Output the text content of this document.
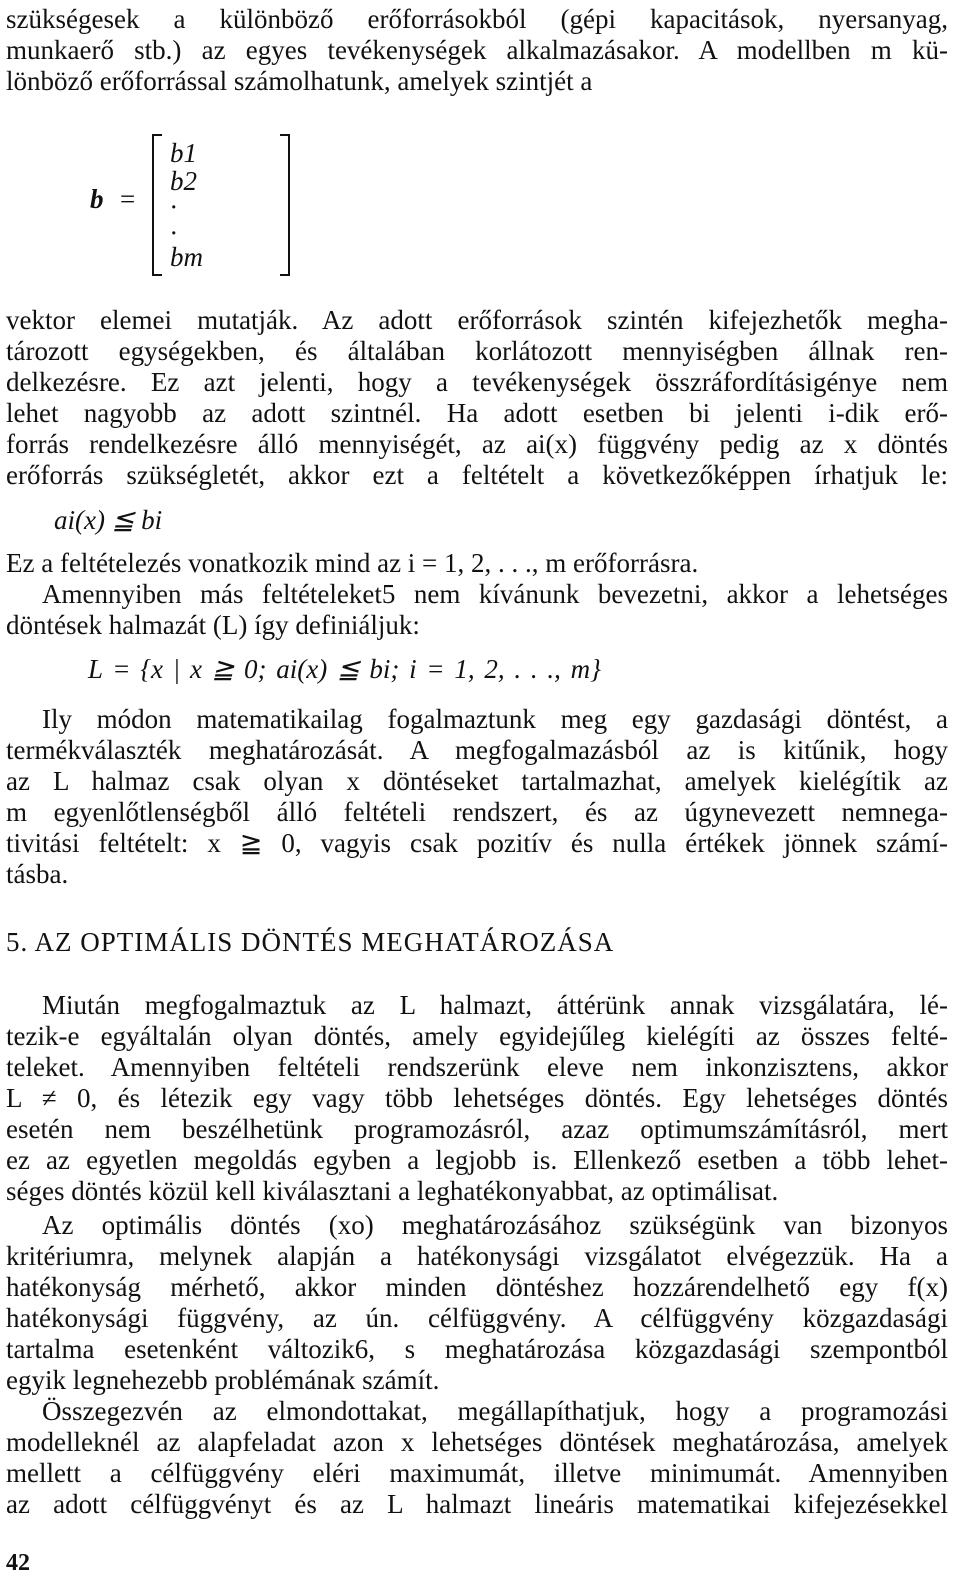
szükségesek a különböző erőforrásokból (gépi kapacitások, nyersanyag,
munkaerő stb.) az egyes tevékenységek alkalmazásakor. A modellben m kü-
lönböző erőforrással számolhatunk, amelyek szintjét a
b =
b1
b2
·
·
bm
vektor elemei mutatják. Az adott erőforrások szintén kifejezhetők megha-
tározott egységekben, és általában korlátozott mennyiségben állnak ren-
delkezésre. Ez azt jelenti, hogy a tevékenységek összráfordításigénye nem
lehet nagyobb az adott szintnél. Ha adott esetben bi jelenti i-dik erő-
forrás rendelkezésre álló mennyiségét, az ai(x) függvény pedig az x döntés
erőforrás szükségletét, akkor ezt a feltételt a következőképpen írhatjuk le:
ai(x) ≦ bi
Ez a feltételezés vonatkozik mind az i = 1, 2, . . ., m erőforrásra.
Amennyiben más feltételeket5 nem kívánunk bevezetni, akkor a lehetséges
döntések halmazát (L) így definiáljuk:
L = {x | x ≧ 0; ai(x) ≦ bi; i = 1, 2, . . ., m}
Ily módon matematikailag fogalmaztunk meg egy gazdasági döntést, a
termékválaszték meghatározását. A megfogalmazásból az is kitűnik, hogy
az L halmaz csak olyan x döntéseket tartalmazhat, amelyek kielégítik az
m egyenlőtlenségből álló feltételi rendszert, és az úgynevezett nemnega-
tivitási feltételt: x ≧ 0, vagyis csak pozitív és nulla értékek jönnek számí-
tásba.
5. AZ OPTIMÁLIS DÖNTÉS MEGHATÁROZÁSA
Miután megfogalmaztuk az L halmazt, áttérünk annak vizsgálatára, lé-
tezik-e egyáltalán olyan döntés, amely egyidejűleg kielégíti az összes felté-
teleket. Amennyiben feltételi rendszerünk eleve nem inkonzisztens, akkor
L ≠ 0, és létezik egy vagy több lehetséges döntés. Egy lehetséges döntés
esetén nem beszélhetünk programozásról, azaz optimumszámításról, mert
ez az egyetlen megoldás egyben a legjobb is. Ellenkező esetben a több lehet-
séges döntés közül kell kiválasztani a leghatékonyabbat, az optimálisat.
Az optimális döntés (xo) meghatározásához szükségünk van bizonyos
kritériumra, melynek alapján a hatékonysági vizsgálatot elvégezzük. Ha a
hatékonyság mérhető, akkor minden döntéshez hozzárendelhető egy f(x)
hatékonysági függvény, az ún. célfüggvény. A célfüggvény közgazdasági
tartalma esetenként változik6, s meghatározása közgazdasági szempontból
egyik legnehezebb problémának számít.
Összegezvén az elmondottakat, megállapíthatjuk, hogy a programozási
modelleknél az alapfeladat azon x lehetséges döntések meghatározása, amelyek
mellett a célfüggvény eléri maximumát, illetve minimumát. Amennyiben
az adott célfüggvényt és az L halmazt lineáris matematikai kifejezésekkel
42
